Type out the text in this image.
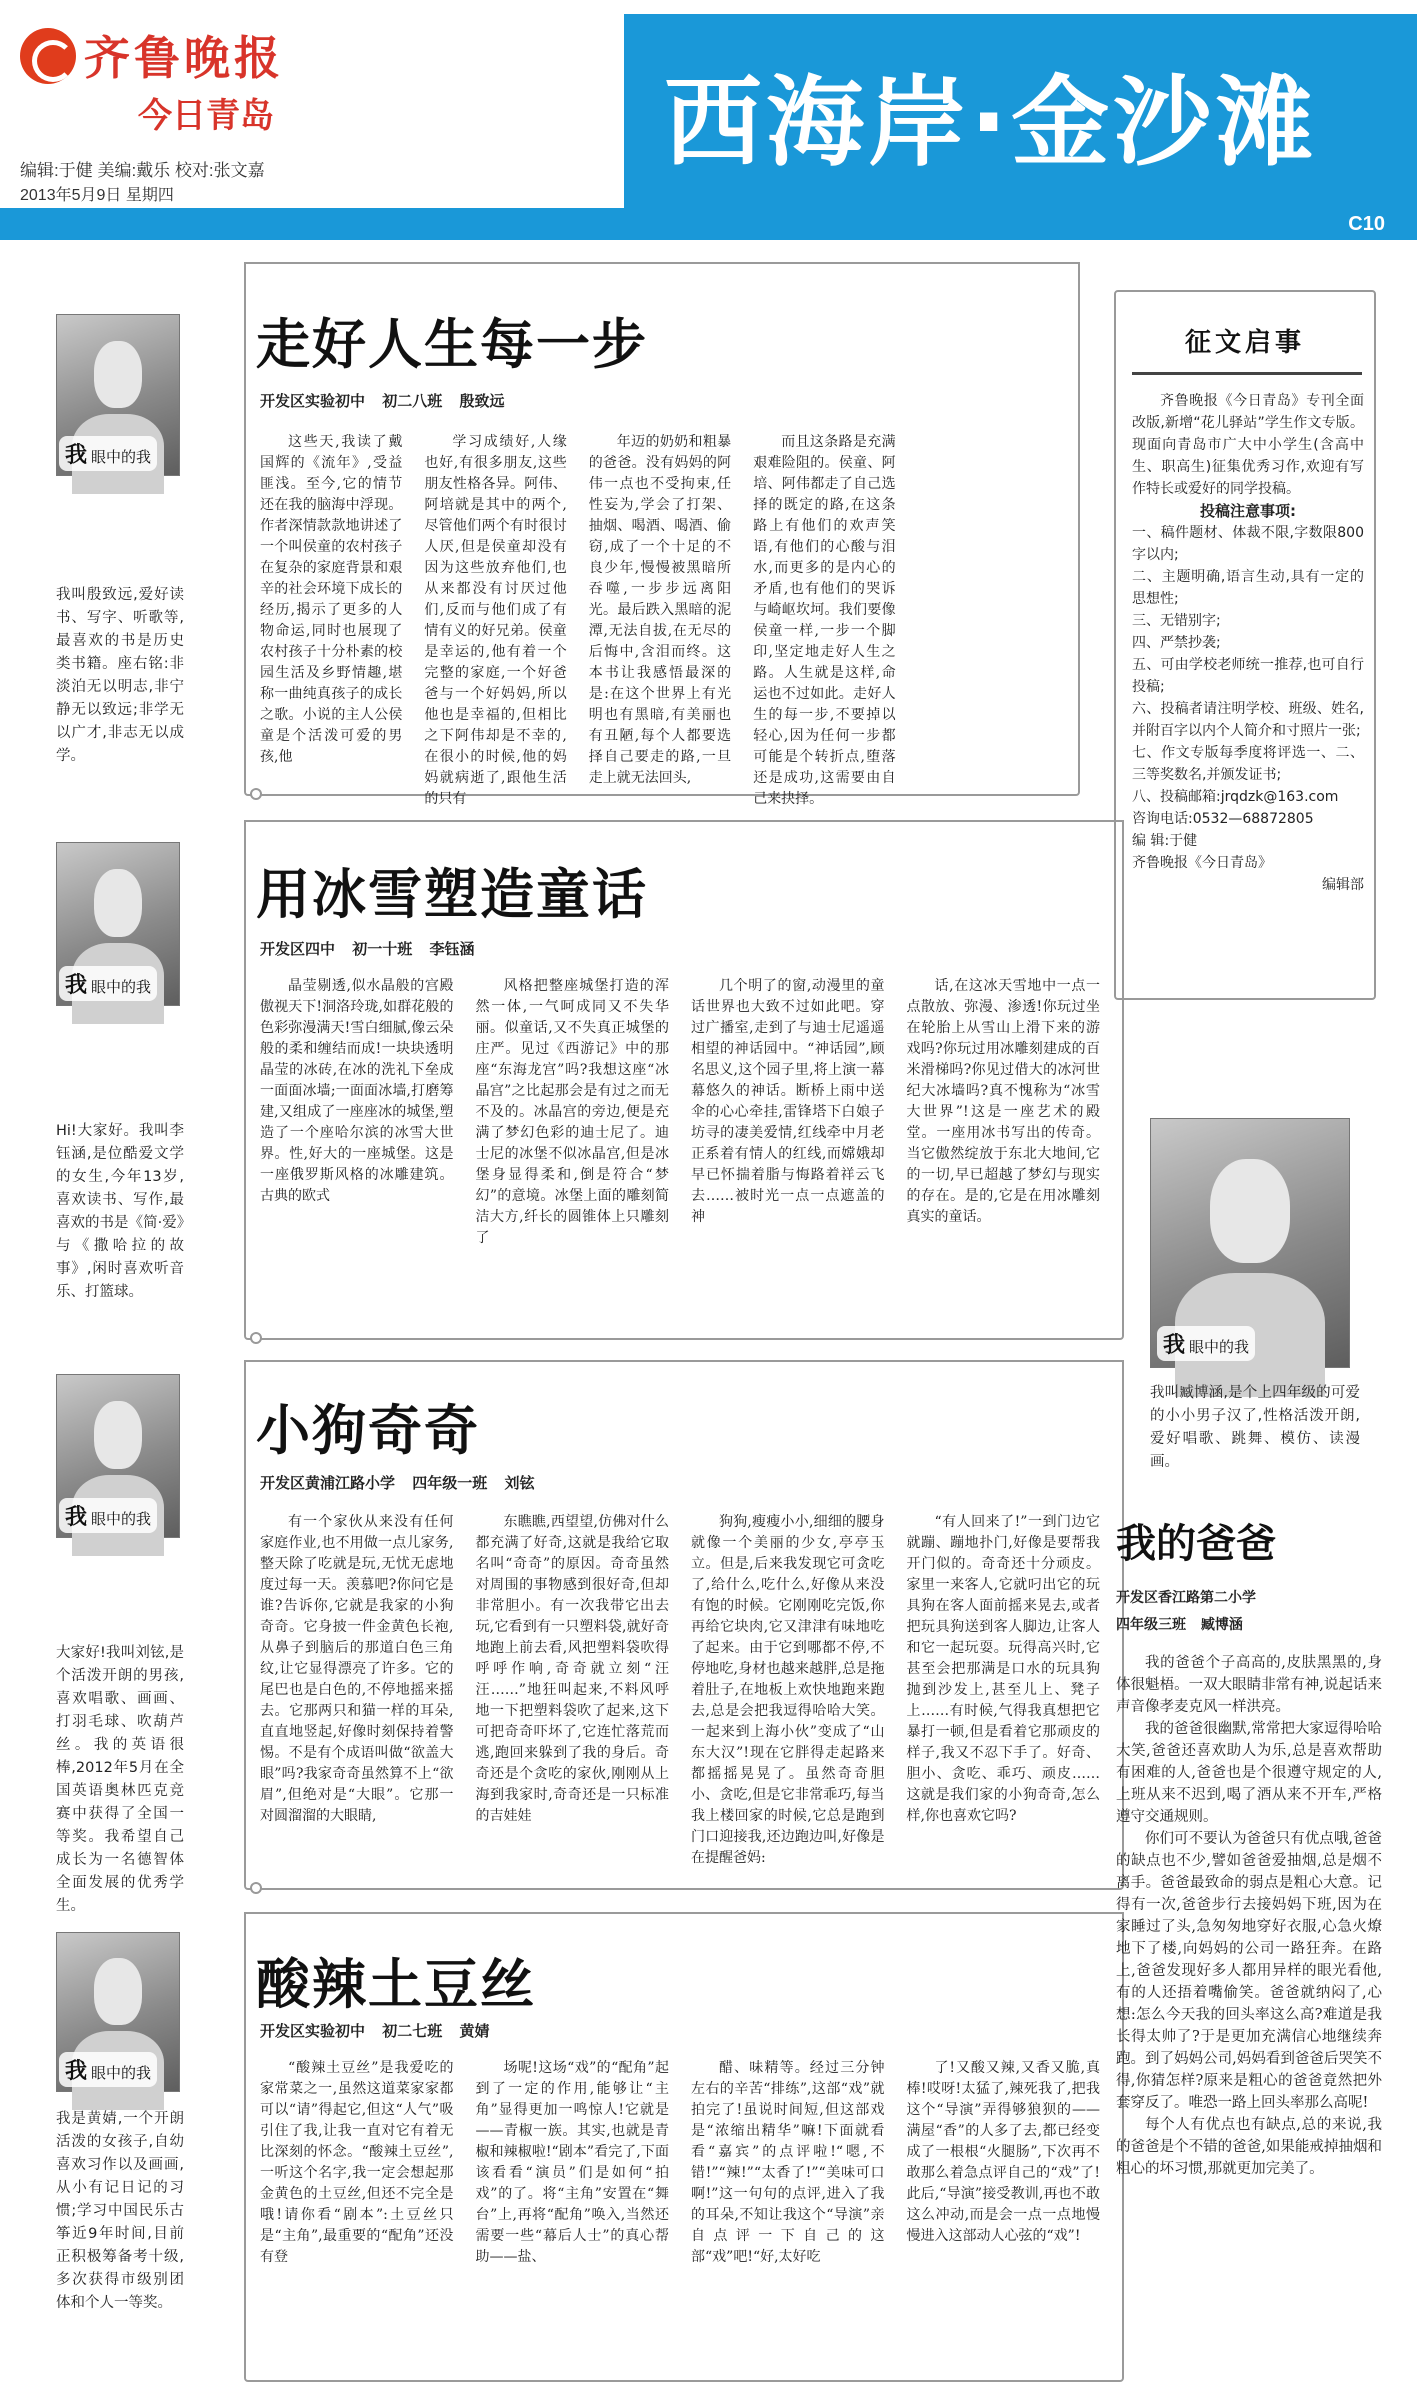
齐鲁晚报
今日青岛
编辑:于健 美编:戴乐 校对:张文嘉
2013年5月9日 星期四
西海岸·金沙滩
C10
我 眼中的我
我叫殷致远,爱好读书、写字、听歌等,最喜欢的书是历史类书籍。座右铭:非淡泊无以明志,非宁静无以致远;非学无以广才,非志无以成学。
走好人生每一步
开发区实验初中 初二八班 殷致远
这些天,我读了戴国辉的《流年》,受益匪浅。至今,它的情节还在我的脑海中浮现。作者深情款款地讲述了一个叫侯童的农村孩子在复杂的家庭背景和艰辛的社会环境下成长的经历,揭示了更多的人物命运,同时也展现了农村孩子十分朴素的校园生活及乡野情趣,堪称一曲纯真孩子的成长之歌。小说的主人公侯童是个活泼可爱的男孩,他
学习成绩好,人缘也好,有很多朋友,这些朋友性格各异。阿伟、阿培就是其中的两个,尽管他们两个有时很讨人厌,但是侯童却没有因为这些放弃他们,也从来都没有讨厌过他们,反而与他们成了有情有义的好兄弟。侯童是幸运的,他有着一个完整的家庭,一个好爸爸与一个好妈妈,所以他也是幸福的,但相比之下阿伟却是不幸的,在很小的时候,他的妈妈就病逝了,跟他生活的只有
年迈的奶奶和粗暴的爸爸。没有妈妈的阿伟一点也不受拘束,任性妄为,学会了打架、抽烟、喝酒、喝酒、偷窃,成了一个十足的不良少年,慢慢被黑暗所吞噬,一步步远离阳光。最后跌入黑暗的泥潭,无法自拔,在无尽的后悔中,含泪而终。这本书让我感悟最深的是:在这个世界上有光明也有黑暗,有美丽也有丑陋,每个人都要选择自己要走的路,一旦走上就无法回头,
而且这条路是充满艰难险阻的。侯童、阿培、阿伟都走了自己选择的既定的路,在这条路上有他们的欢声笑语,有他们的心酸与泪水,而更多的是内心的矛盾,也有他们的哭诉与崎岖坎坷。我们要像侯童一样,一步一个脚印,坚定地走好人生之路。人生就是这样,命运也不过如此。走好人生的每一步,不要掉以轻心,因为任何一步都可能是个转折点,堕落还是成功,这需要由自己来抉择。
我 眼中的我
Hi!大家好。我叫李钰涵,是位酷爱文学的女生,今年13岁,喜欢读书、写作,最喜欢的书是《简·爱》与《撒哈拉的故事》,闲时喜欢听音乐、打篮球。
用冰雪塑造童话
开发区四中 初一十班 李钰涵
晶莹剔透,似水晶般的宫殿傲视天下!洞洛玲珑,如群花般的色彩弥漫满天!雪白细腻,像云朵般的柔和缠结而成!一块块透明晶莹的冰砖,在冰的洗礼下垒成一面面冰墙;一面面冰墙,打磨筹建,又组成了一座座冰的城堡,塑造了一个座哈尔滨的冰雪大世界。性,好大的一座城堡。这是一座俄罗斯风格的冰雕建筑。古典的欧式
风格把整座城堡打造的浑然一体,一气呵成同又不失华丽。似童话,又不失真正城堡的庄严。见过《西游记》中的那座“东海龙宫”吗?我想这座“冰晶宫”之比起那会是有过之而无不及的。冰晶宫的旁边,便是充满了梦幻色彩的迪士尼了。迪士尼的冰堡不似冰晶宫,但是冰堡身显得柔和,倒是符合“梦幻”的意境。冰堡上面的雕刻简洁大方,纤长的圆锥体上只雕刻了
几个明了的窗,动漫里的童话世界也大致不过如此吧。穿过广播室,走到了与迪士尼遥遥相望的神话园中。“神话园”,顾名思义,这个园子里,将上演一幕幕悠久的神话。断桥上雨中送伞的心心牵挂,雷锋塔下白娘子坊寻的凄美爱情,红线牵中月老正系着有情人的红线,而嫦娥却早已怀揣着脂与悔路着祥云飞去……被时光一点一点遮盖的神
话,在这冰天雪地中一点一点散放、弥漫、渗透!你玩过坐在轮胎上从雪山上滑下来的游戏吗?你玩过用冰雕刻建成的百米滑梯吗?你见过借大的冰河世纪大冰墙吗?真不愧称为“冰雪大世界”!这是一座艺术的殿堂。一座用冰书写出的传奇。当它傲然绽放于东北大地间,它的一切,早已超越了梦幻与现实的存在。是的,它是在用冰雕刻真实的童话。
我 眼中的我
大家好!我叫刘铉,是个活泼开朗的男孩,喜欢唱歌、画画、打羽毛球、吹葫芦丝。我的英语很棒,2012年5月在全国英语奥林匹克竞赛中获得了全国一等奖。我希望自己成长为一名德智体全面发展的优秀学生。
小狗奇奇
开发区黄浦江路小学 四年级一班 刘铉
有一个家伙从来没有任何家庭作业,也不用做一点儿家务,整天除了吃就是玩,无忧无虑地度过每一天。羡慕吧?你问它是谁?告诉你,它就是我家的小狗奇奇。它身披一件金黄色长袍,从鼻子到脑后的那道白色三角纹,让它显得漂亮了许多。它的尾巴也是白色的,不停地摇来摇去。它那两只和猫一样的耳朵,直直地竖起,好像时刻保持着警惕。不是有个成语叫做“欲盖大眼”吗?我家奇奇虽然算不上“欲眉”,但绝对是“大眼”。它那一对圆溜溜的大眼睛,
东瞧瞧,西望望,仿佛对什么都充满了好奇,这就是我给它取名叫“奇奇”的原因。奇奇虽然对周围的事物感到很好奇,但却非常胆小。有一次我带它出去玩,它看到有一只塑料袋,就好奇地跑上前去看,风把塑料袋吹得呼呼作响,奇奇就立刻“汪汪……”地狂叫起来,不料风呼地一下把塑料袋吹了起来,这下可把奇奇吓坏了,它连忙落荒而逃,跑回来躲到了我的身后。奇奇还是个贪吃的家伙,刚刚从上海到我家时,奇奇还是一只标准的吉娃娃
狗狗,瘦瘦小小,细细的腰身就像一个美丽的少女,亭亭玉立。但是,后来我发现它可贪吃了,给什么,吃什么,好像从来没有饱的时候。它刚刚吃完饭,你再给它块肉,它又津津有味地吃了起来。由于它到哪都不停,不停地吃,身材也越来越胖,总是拖着肚子,在地板上欢快地跑来跑去,总是会把我逗得哈哈大笑。一起来到上海小伙”变成了“山东大汉”!现在它胖得走起路来都摇摇晃晃了。虽然奇奇胆小、贪吃,但是它非常乖巧,每当我上楼回家的时候,它总是跑到门口迎接我,还边跑边叫,好像是在提醒爸妈:
“有人回来了!”一到门边它就蹦、蹦地扑门,好像是要帮我开门似的。奇奇还十分顽皮。家里一来客人,它就叼出它的玩具狗在客人面前摇来晃去,或者把玩具狗送到客人脚边,让客人和它一起玩耍。玩得高兴时,它甚至会把那满是口水的玩具狗抛到沙发上,甚至儿上、凳子上……有时候,气得我真想把它暴打一顿,但是看着它那顽皮的样子,我又不忍下手了。好奇、胆小、贪吃、乖巧、顽皮……这就是我们家的小狗奇奇,怎么样,你也喜欢它吗?
我 眼中的我
我是黄婧,一个开朗活泼的女孩子,自幼喜欢习作以及画画,从小有记日记的习惯;学习中国民乐古筝近9年时间,目前正积极筹备考十级,多次获得市级别团体和个人一等奖。
酸辣土豆丝
开发区实验初中 初二七班 黄婧
“酸辣土豆丝”是我爱吃的家常菜之一,虽然这道菜家家都可以“请”得起它,但这“人气”吸引住了我,让我一直对它有着无比深刻的怀念。“酸辣土豆丝”,一听这个名字,我一定会想起那金黄色的土豆丝,但还不完全是哦!请你看“剧本”:土豆丝只是“主角”,最重要的“配角”还没有登
场呢!这场“戏”的“配角”起到了一定的作用,能够让“主角”显得更加一鸣惊人!它就是——青椒一族。其实,也就是青椒和辣椒啦!“剧本”看完了,下面该看看“演员”们是如何“拍戏”的了。将“主角”安置在“舞台”上,再将“配角”唤入,当然还需要一些“幕后人士”的真心帮助——盐、
醋、味精等。经过三分钟左右的辛苦“排练”,这部“戏”就拍完了!虽说时间短,但这部戏是“浓缩出精华”嘛!下面就看看“嘉宾”的点评啦!“嗯,不错!”“辣!”“太香了!”“美味可口啊!”这一句句的点评,进入了我的耳朵,不知让我这个“导演”亲自点评一下自己的这部“戏”吧!“好,太好吃
了!又酸又辣,又香又脆,真棒!哎呀!太猛了,辣死我了,把我这个“导演”弄得够狼狈的——满屋“香”的人多了去,都已经变成了一根根“火腿肠”,下次再不敢那么着急点评自己的“戏”了!此后,“导演”接受教训,再也不敢这么冲动,而是会一点一点地慢慢进入这部动人心弦的“戏”!
征文启事

齐鲁晚报《今日青岛》专刊全面改版,新增“花儿驿站”学生作文专版。现面向青岛市广大中小学生(含高中生、职高生)征集优秀习作,欢迎有写作特长或爱好的同学投稿。

投稿注意事项:

一、稿件题材、体裁不限,字数限800字以内;

二、主题明确,语言生动,具有一定的思想性;

三、无错别字;

四、严禁抄袭;

五、可由学校老师统一推荐,也可自行投稿;

六、投稿者请注明学校、班级、姓名,并附百字以内个人简介和寸照片一张;

七、作文专版每季度将评选一、二、三等奖数名,并颁发证书;

八、投稿邮箱:jrqdzk@163.com

咨询电话:0532—68872805

编 辑:于健

齐鲁晚报《今日青岛》

编辑部

我 眼中的我
我叫臧博涵,是个上四年级的可爱的小小男子汉了,性格活泼开朗,爱好唱歌、跳舞、模仿、读漫画。
我的爸爸
开发区香江路第二小学
四年级三班 臧博涵

我的爸爸个子高高的,皮肤黑黑的,身体很魁梧。一双大眼睛非常有神,说起话来声音像孝麦克风一样洪亮。

我的爸爸很幽默,常常把大家逗得哈哈大笑,爸爸还喜欢助人为乐,总是喜欢帮助有困难的人,爸爸也是个很遵守规定的人,上班从来不迟到,喝了酒从来不开车,严格遵守交通规则。

你们可不要认为爸爸只有优点哦,爸爸的缺点也不少,譬如爸爸爱抽烟,总是烟不离手。爸爸最致命的弱点是粗心大意。记得有一次,爸爸步行去接妈妈下班,因为在家睡过了头,急匆匆地穿好衣服,心急火燎地下了楼,向妈妈的公司一路狂奔。在路上,爸爸发现好多人都用异样的眼光看他,有的人还捂着嘴偷笑。爸爸就纳闷了,心想:怎么今天我的回头率这么高?难道是我长得太帅了?于是更加充满信心地继续奔跑。到了妈妈公司,妈妈看到爸爸后哭笑不得,你猜怎样?原来是粗心的爸爸竟然把外套穿反了。唯恐一路上回头率那么高呢!

每个人有优点也有缺点,总的来说,我的爸爸是个不错的爸爸,如果能戒掉抽烟和粗心的坏习惯,那就更加完美了。
